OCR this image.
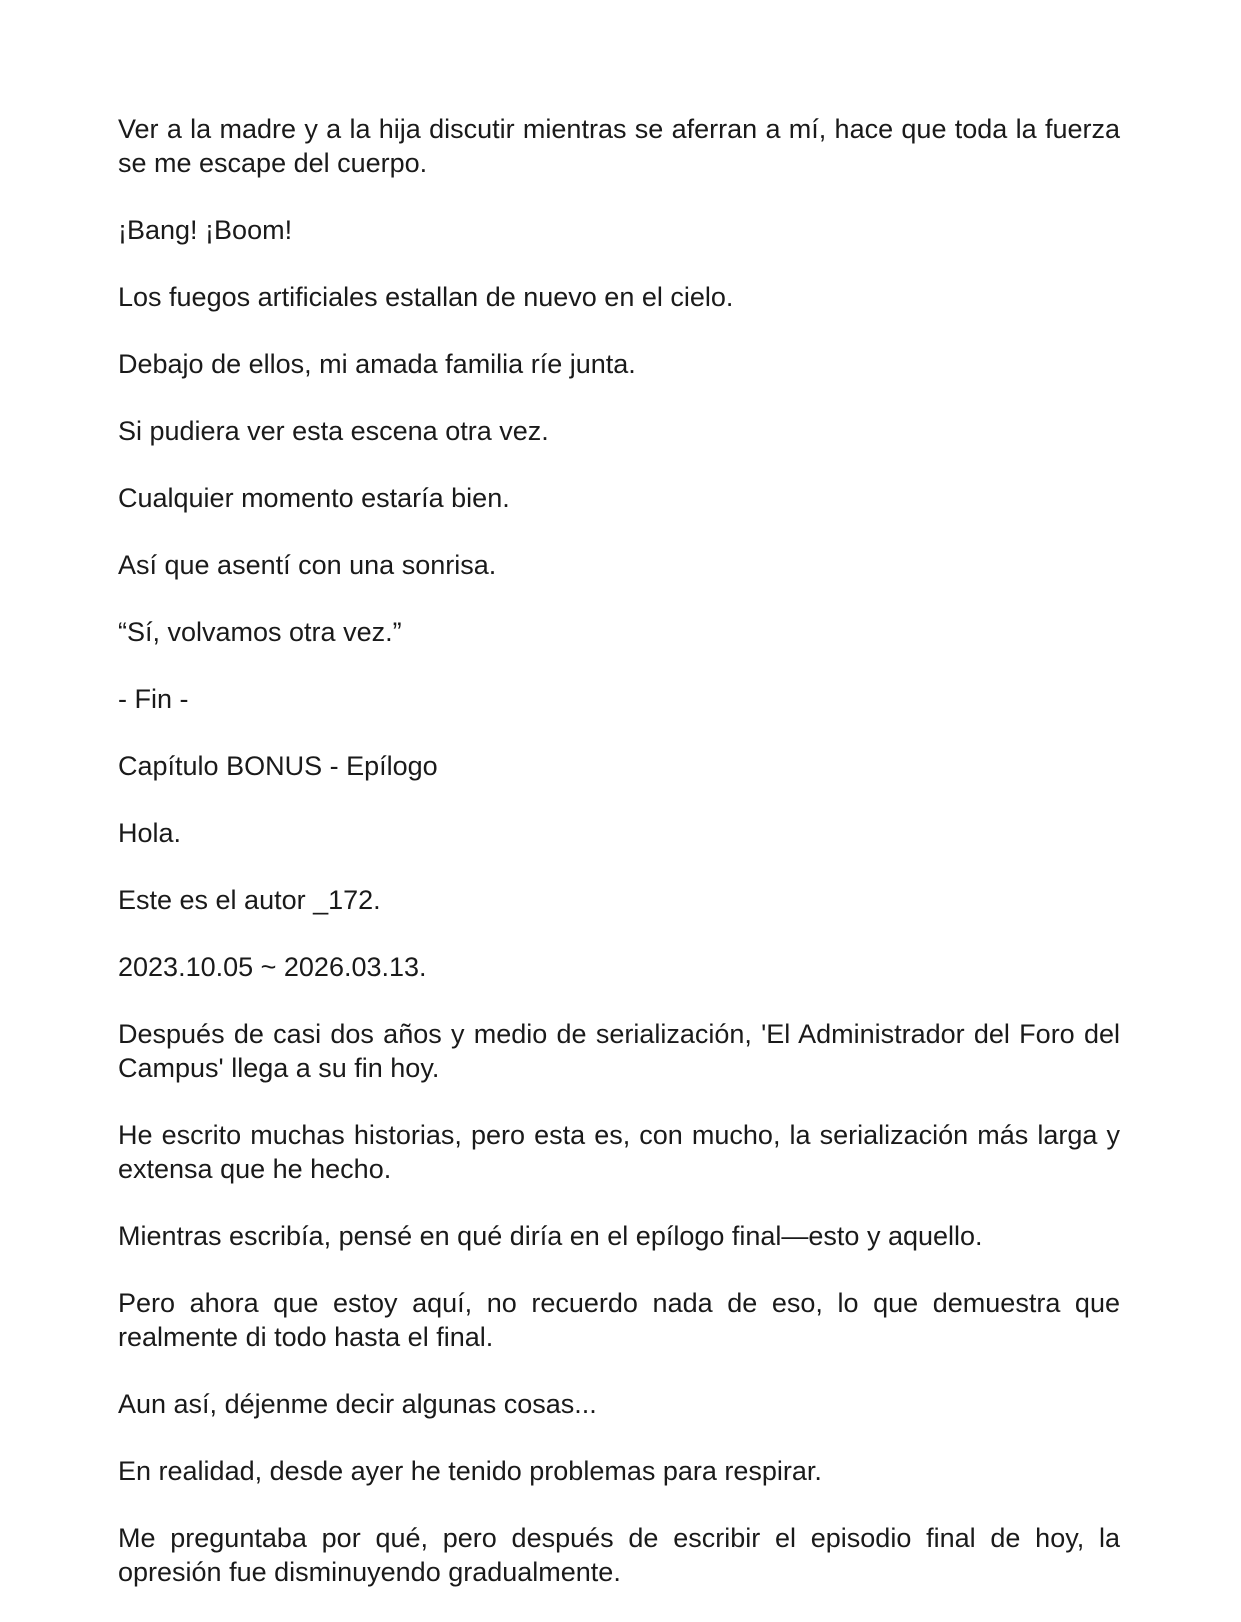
Ver a la madre y a la hija discutir mientras se aferran a mí, hace que toda la fuerza se me escape del cuerpo.

¡Bang! ¡Boom!

Los fuegos artificiales estallan de nuevo en el cielo.

Debajo de ellos, mi amada familia ríe junta.

Si pudiera ver esta escena otra vez.

Cualquier momento estaría bien.

Así que asentí con una sonrisa.

“Sí, volvamos otra vez.”

- Fin -

Capítulo BONUS - Epílogo

Hola.

Este es el autor _172.

2023.10.05 ~ 2026.03.13.

Después de casi dos años y medio de serialización, 'El Administrador del Foro del Campus' llega a su fin hoy.

He escrito muchas historias, pero esta es, con mucho, la serialización más larga y extensa que he hecho.

Mientras escribía, pensé en qué diría en el epílogo final—esto y aquello.

Pero ahora que estoy aquí, no recuerdo nada de eso, lo que demuestra que realmente di todo hasta el final.

Aun así, déjenme decir algunas cosas...

En realidad, desde ayer he tenido problemas para respirar.

Me preguntaba por qué, pero después de escribir el episodio final de hoy, la opresión fue disminuyendo gradualmente.
